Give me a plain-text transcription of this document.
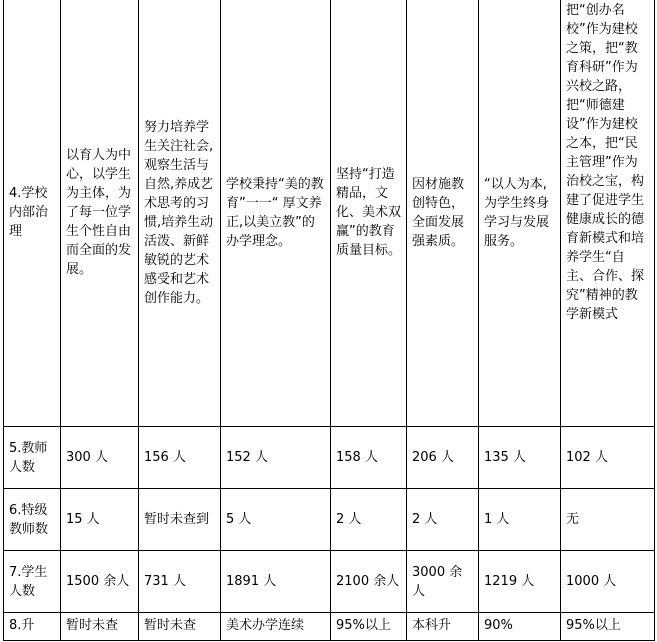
4.学校内部治理	以育人为中心，以学生为主体，为了每一位学生个性自由而全面的发展。	努力培养学生关注社会,观察生活与自然,养成艺术思考的习惯,培养生动活泼、新鲜敏锐的艺术感受和艺术创作能力。	学校秉持“美的教育”一一“ 厚文养正,以美立教”的办学理念。	坚持“打造精品，文化、美术双赢”的教育质量目标。	因材施教创特色，全面发展强素质。	“以人为本,为学生终身学习与发展服务。	把“创办名校”作为建校之策，把“教育科研”作为兴校之路，把“师德建设”作为建校之本，把“民主管理”作为治校之宝，构建了促进学生健康成长的德育新模式和培养学生“自主、合作、探究”精神的教学新模式
5.教师人数	300 人	156 人	152 人	158 人	206 人	135 人	102 人
6.特级教师数	15 人	暂时未查到	5 人	2 人	2 人	1 人	无
7.学生人数	1500 余人	731 人	1891 人	2100 余人	3000 余人	1219 人	1000 人
8.升	暂时未查	暂时未查	美术办学连续	95%以上	本科升	90%	95%以上
